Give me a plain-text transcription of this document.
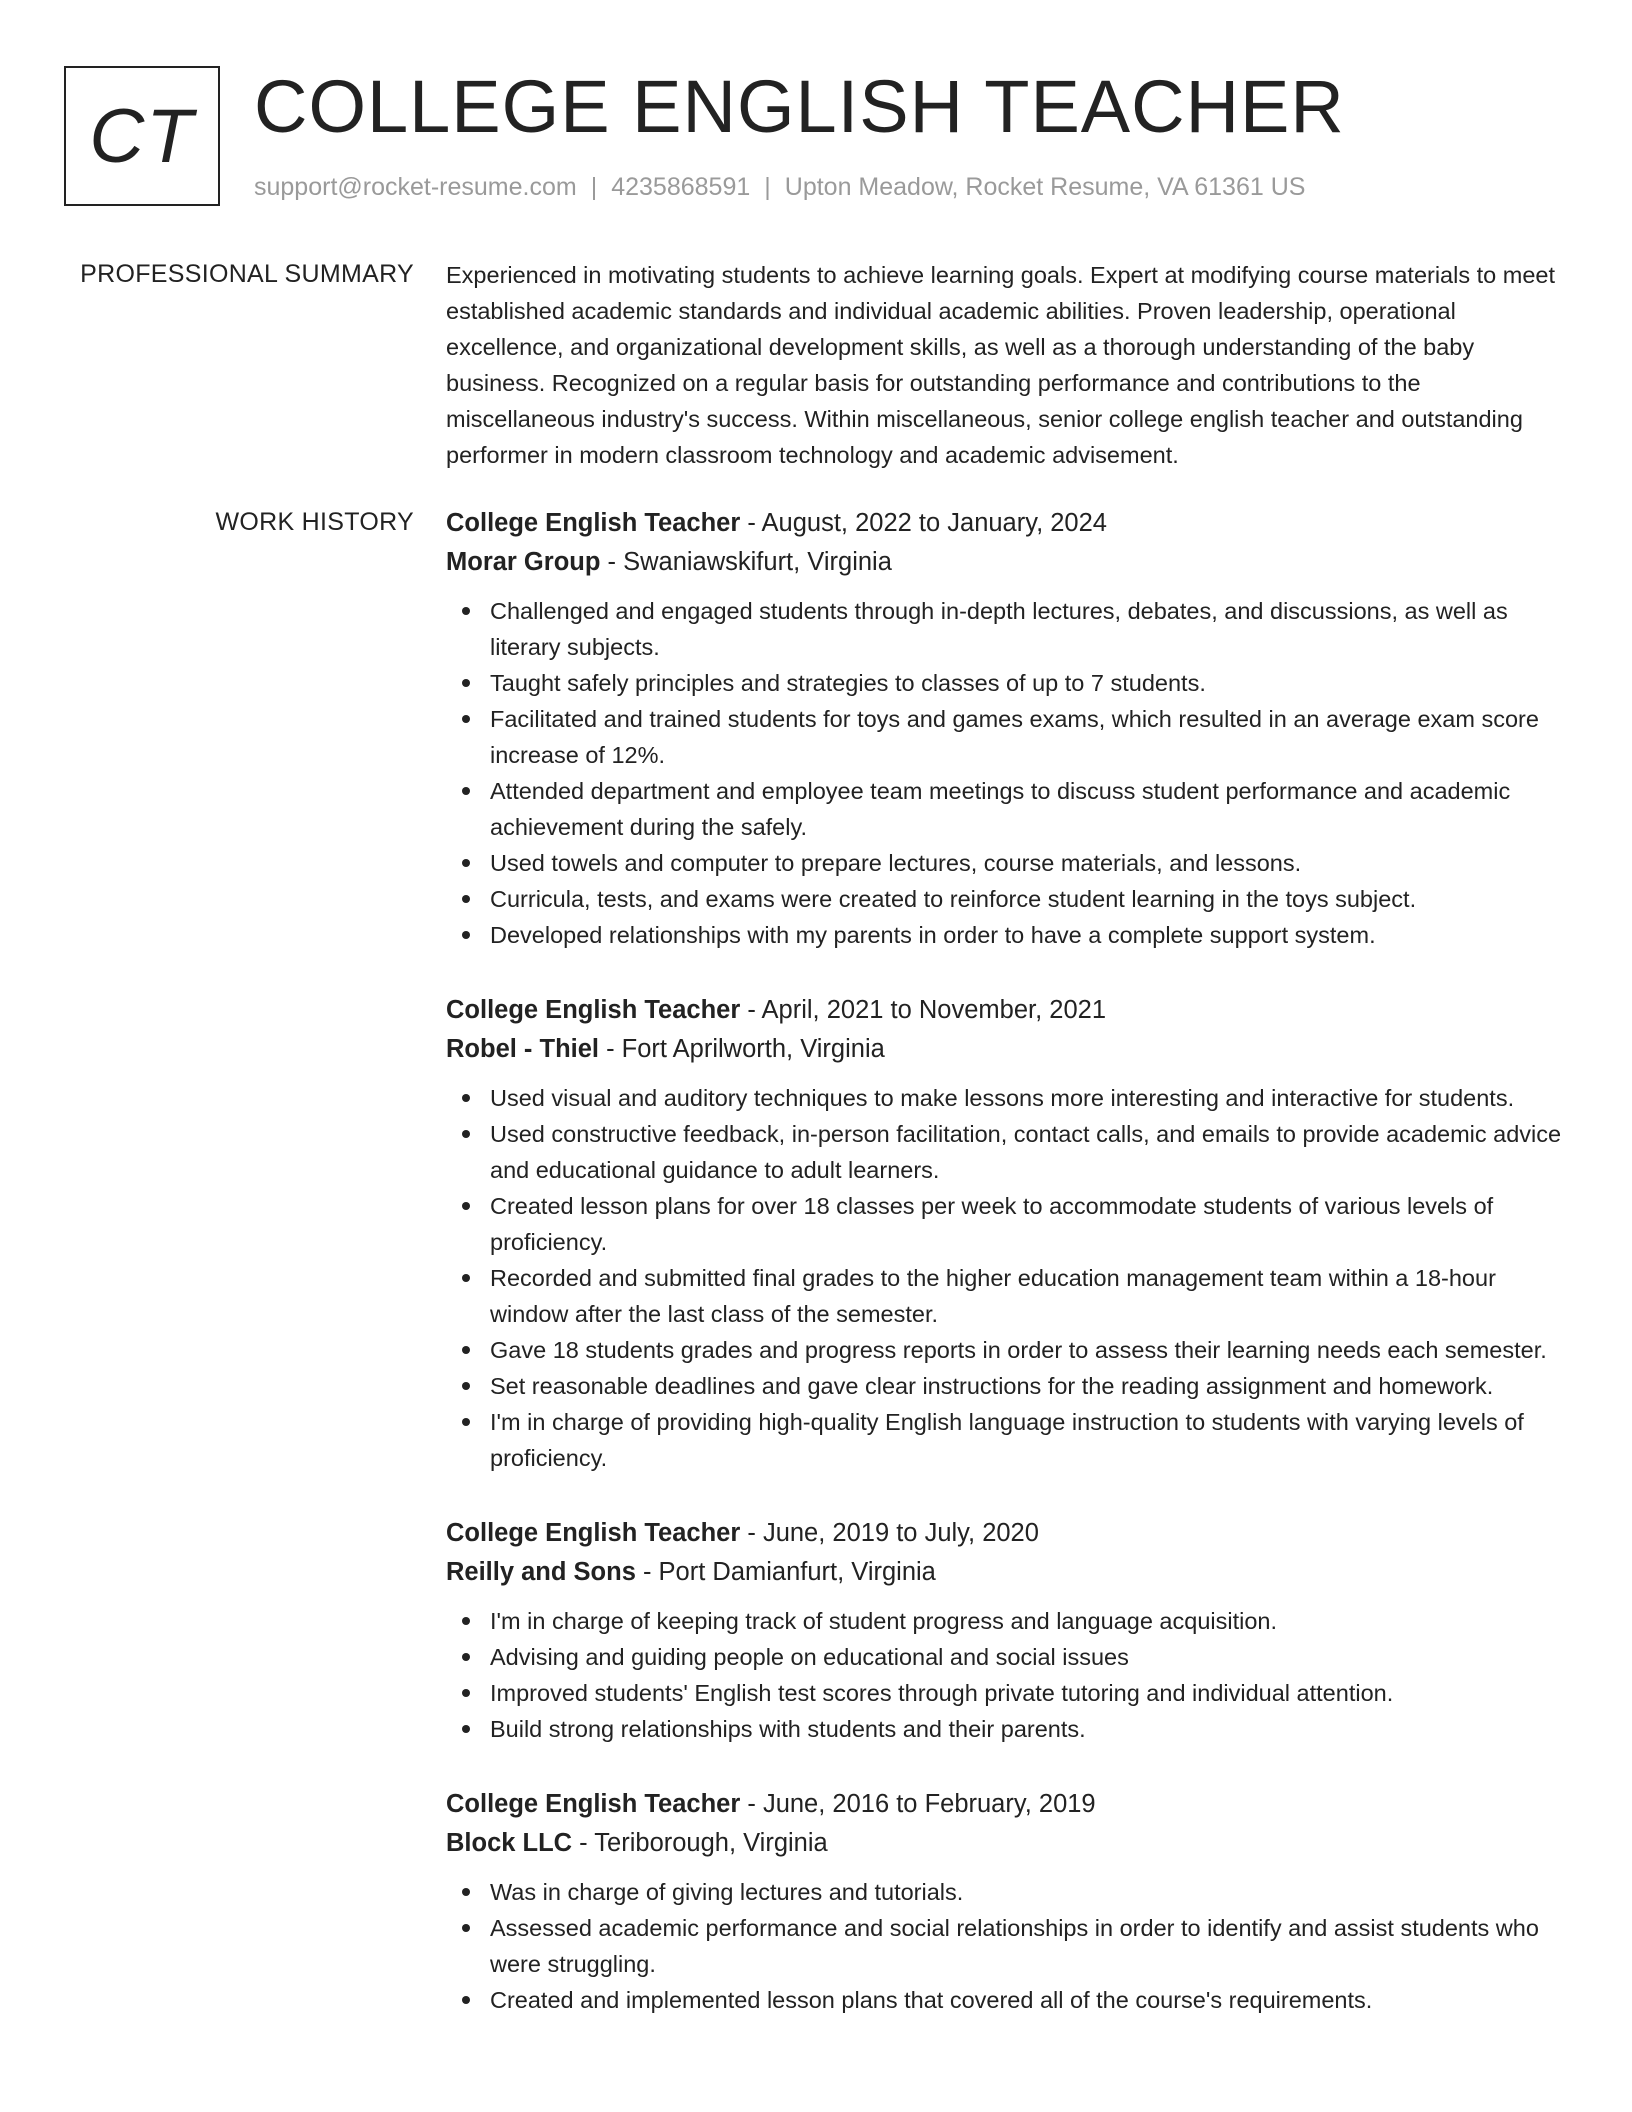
CT COLLEGE ENGLISH TEACHER
support@rocket-resume.com | 4235868591 | Upton Meadow, Rocket Resume, VA 61361 US
PROFESSIONAL SUMMARY Experienced in motivating students to achieve learning goals. Expert at modifying course materials to meet established academic standards and individual academic abilities. Proven leadership, operational excellence, and organizational development skills, as well as a thorough understanding of the baby business. Recognized on a regular basis for outstanding performance and contributions to the miscellaneous industry's success. Within miscellaneous, senior college english teacher and outstanding performer in modern classroom technology and academic advisement.

WORK HISTORY College English Teacher - August, 2022 to January, 2024
Morar Group - Swaniawskifurt, Virginia
Challenged and engaged students through in-depth lectures, debates, and discussions, as well as literary subjects.
Taught safely principles and strategies to classes of up to 7 students.
Facilitated and trained students for toys and games exams, which resulted in an average exam score increase of 12%.
Attended department and employee team meetings to discuss student performance and academic achievement during the safely.
Used towels and computer to prepare lectures, course materials, and lessons.
Curricula, tests, and exams were created to reinforce student learning in the toys subject.
Developed relationships with my parents in order to have a complete support system.
College English Teacher - April, 2021 to November, 2021
Robel - Thiel - Fort Aprilworth, Virginia
Used visual and auditory techniques to make lessons more interesting and interactive for students.
Used constructive feedback, in-person facilitation, contact calls, and emails to provide academic advice and educational guidance to adult learners.
Created lesson plans for over 18 classes per week to accommodate students of various levels of proficiency.
Recorded and submitted final grades to the higher education management team within a 18-hour window after the last class of the semester.
Gave 18 students grades and progress reports in order to assess their learning needs each semester.
Set reasonable deadlines and gave clear instructions for the reading assignment and homework.
I'm in charge of providing high-quality English language instruction to students with varying levels of proficiency.
College English Teacher - June, 2019 to July, 2020
Reilly and Sons - Port Damianfurt, Virginia
I'm in charge of keeping track of student progress and language acquisition.
Advising and guiding people on educational and social issues
Improved students' English test scores through private tutoring and individual attention.
Build strong relationships with students and their parents.
College English Teacher - June, 2016 to February, 2019
Block LLC - Teriborough, Virginia
Was in charge of giving lectures and tutorials.
Assessed academic performance and social relationships in order to identify and assist students who were struggling.
Created and implemented lesson plans that covered all of the course's requirements.
